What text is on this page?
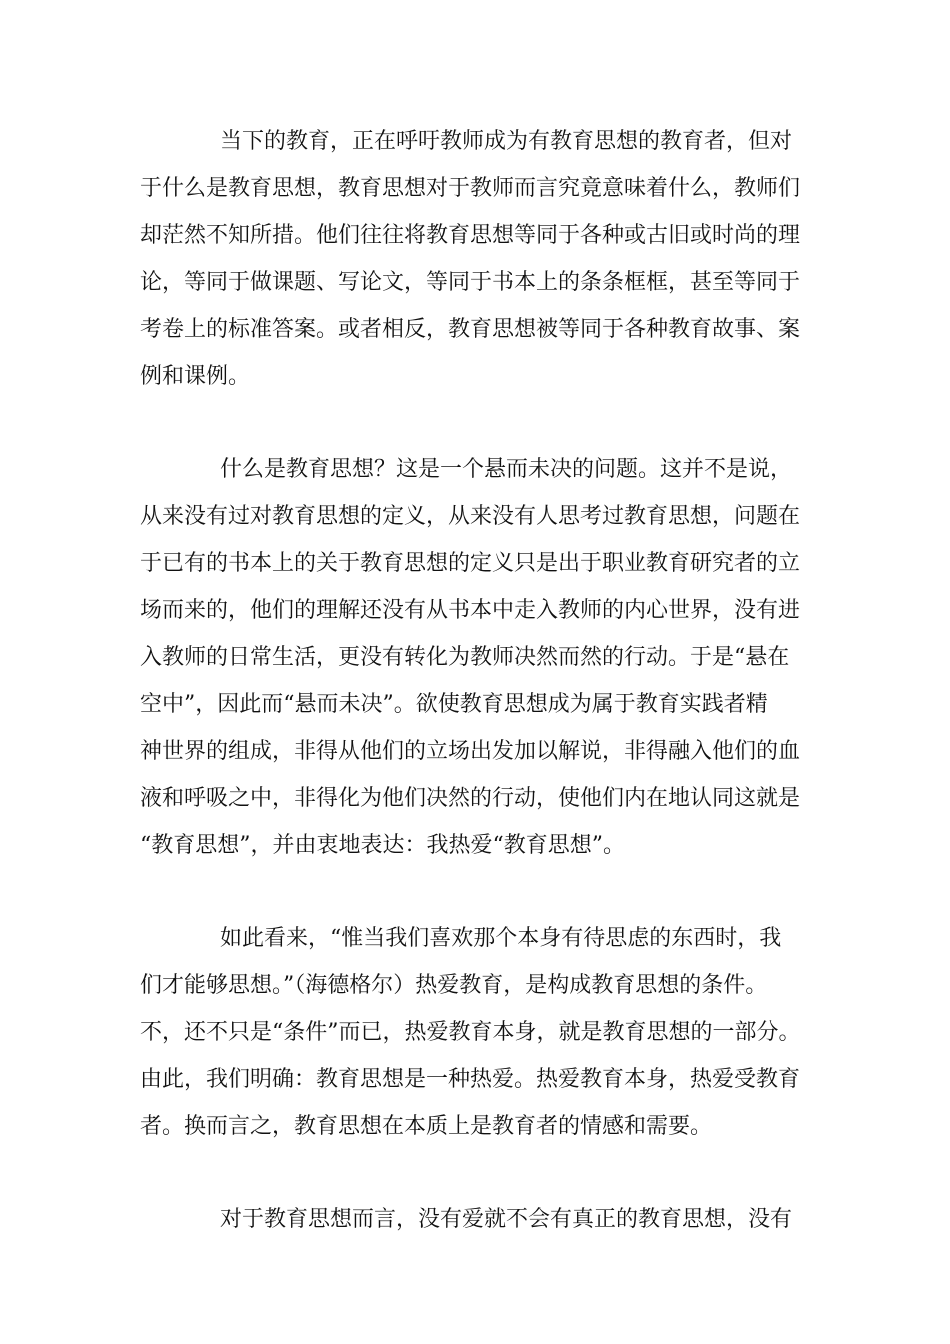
当下的教育，正在呼吁教师成为有教育思想的教育者，但对
于什么是教育思想，教育思想对于教师而言究竟意味着什么，教师们
却茫然不知所措。他们往往将教育思想等同于各种或古旧或时尚的理
论，等同于做课题、写论文，等同于书本上的条条框框，甚至等同于
考卷上的标准答案。或者相反，教育思想被等同于各种教育故事、案
例和课例。

什么是教育思想？这是一个悬而未决的问题。这并不是说，
从来没有过对教育思想的定义，从来没有人思考过教育思想，问题在
于已有的书本上的关于教育思想的定义只是出于职业教育研究者的立
场而来的，他们的理解还没有从书本中走入教师的内心世界，没有进
入教师的日常生活，更没有转化为教师决然而然的行动。于是“悬在
空中”，因此而“悬而未决”。欲使教育思想成为属于教育实践者精
神世界的组成，非得从他们的立场出发加以解说，非得融入他们的血
液和呼吸之中，非得化为他们决然的行动，使他们内在地认同这就是
“教育思想”，并由衷地表达：我热爱“教育思想”。

如此看来，“惟当我们喜欢那个本身有待思虑的东西时，我
们才能够思想。”（海德格尔）热爱教育，是构成教育思想的条件。
不，还不只是“条件”而已，热爱教育本身，就是教育思想的一部分。
由此，我们明确：教育思想是一种热爱。热爱教育本身，热爱受教育
者。换而言之，教育思想在本质上是教育者的情感和需要。

对于教育思想而言，没有爱就不会有真正的教育思想，没有
